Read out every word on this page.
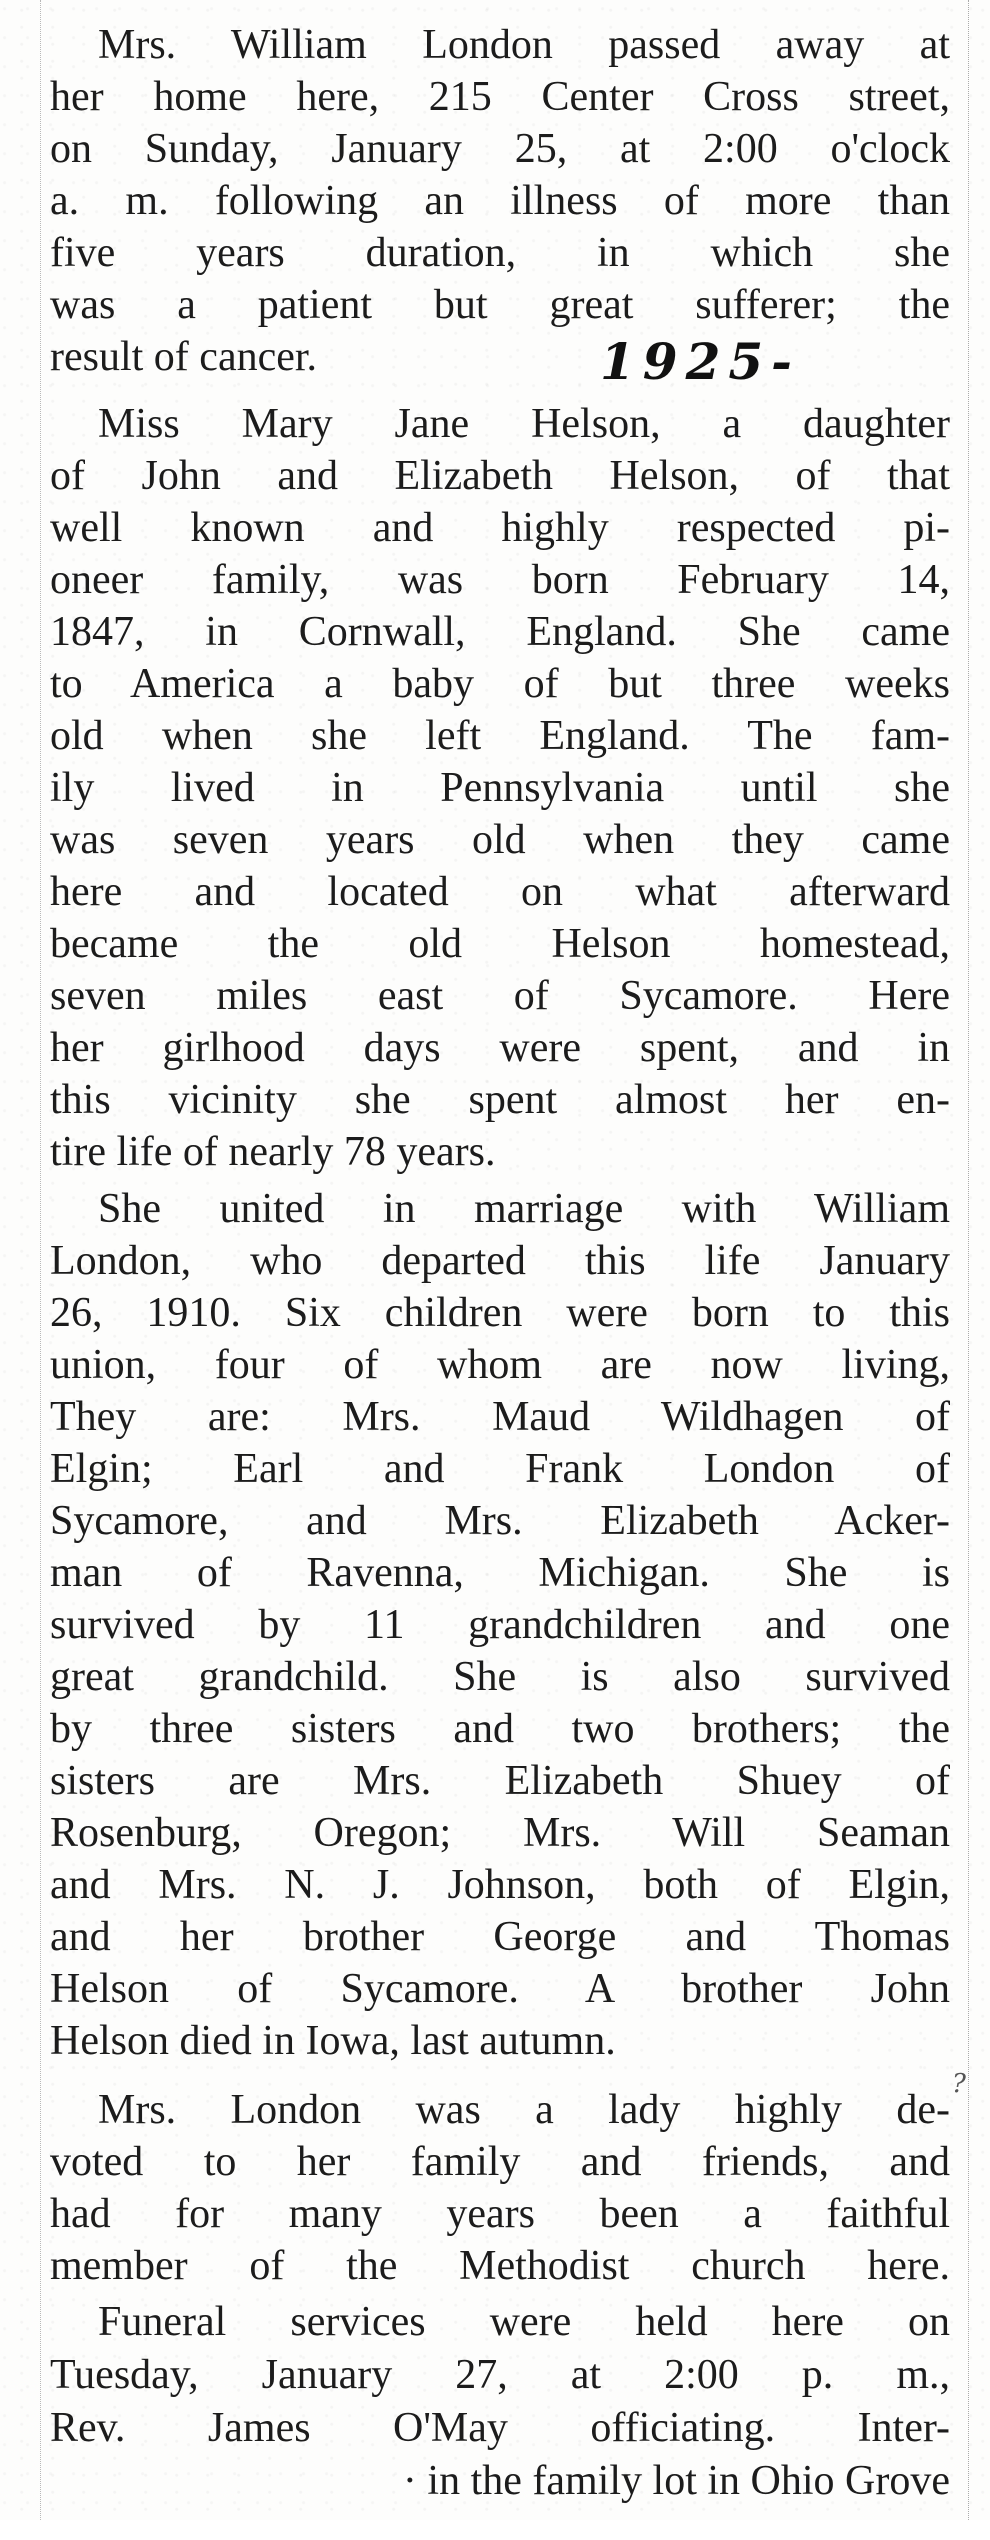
Mrs. William London passed away at
her home here, 215 Center Cross street,
on Sunday, January 25, at 2:00 o'clock
a. m. following an illness of more than
five years duration, in which she
was a patient but great sufferer; the
result of cancer.
Miss Mary Jane Helson, a daughter
of John and Elizabeth Helson, of that
well known and highly respected pi-
oneer family, was born February 14,
1847, in Cornwall, England. She came
to America a baby of but three weeks
old when she left England. The fam-
ily lived in Pennsylvania until she
was seven years old when they came
here and located on what afterward
became the old Helson homestead,
seven miles east of Sycamore. Here
her girlhood days were spent, and in
this vicinity she spent almost her en-
tire life of nearly 78 years.
She united in marriage with William
London, who departed this life January
26, 1910. Six children were born to this
union, four of whom are now living,
They are: Mrs. Maud Wildhagen of
Elgin; Earl and Frank London of
Sycamore, and Mrs. Elizabeth Acker-
man of Ravenna, Michigan. She is
survived by 11 grandchildren and one
great grandchild. She is also survived
by three sisters and two brothers; the
sisters are Mrs. Elizabeth Shuey of
Rosenburg, Oregon; Mrs. Will Seaman
and Mrs. N. J. Johnson, both of Elgin,
and her brother George and Thomas
Helson of Sycamore. A brother John
Helson died in Iowa, last autumn.
Mrs. London was a lady highly de-
voted to her family and friends, and
had for many years been a faithful
member of the Methodist church here.
Funeral services were held here on
Tuesday, January 27, at 2:00 p. m.,
Rev. James O'May officiating. Inter-
· in the family lot in Ohio Grove
1925-
?
